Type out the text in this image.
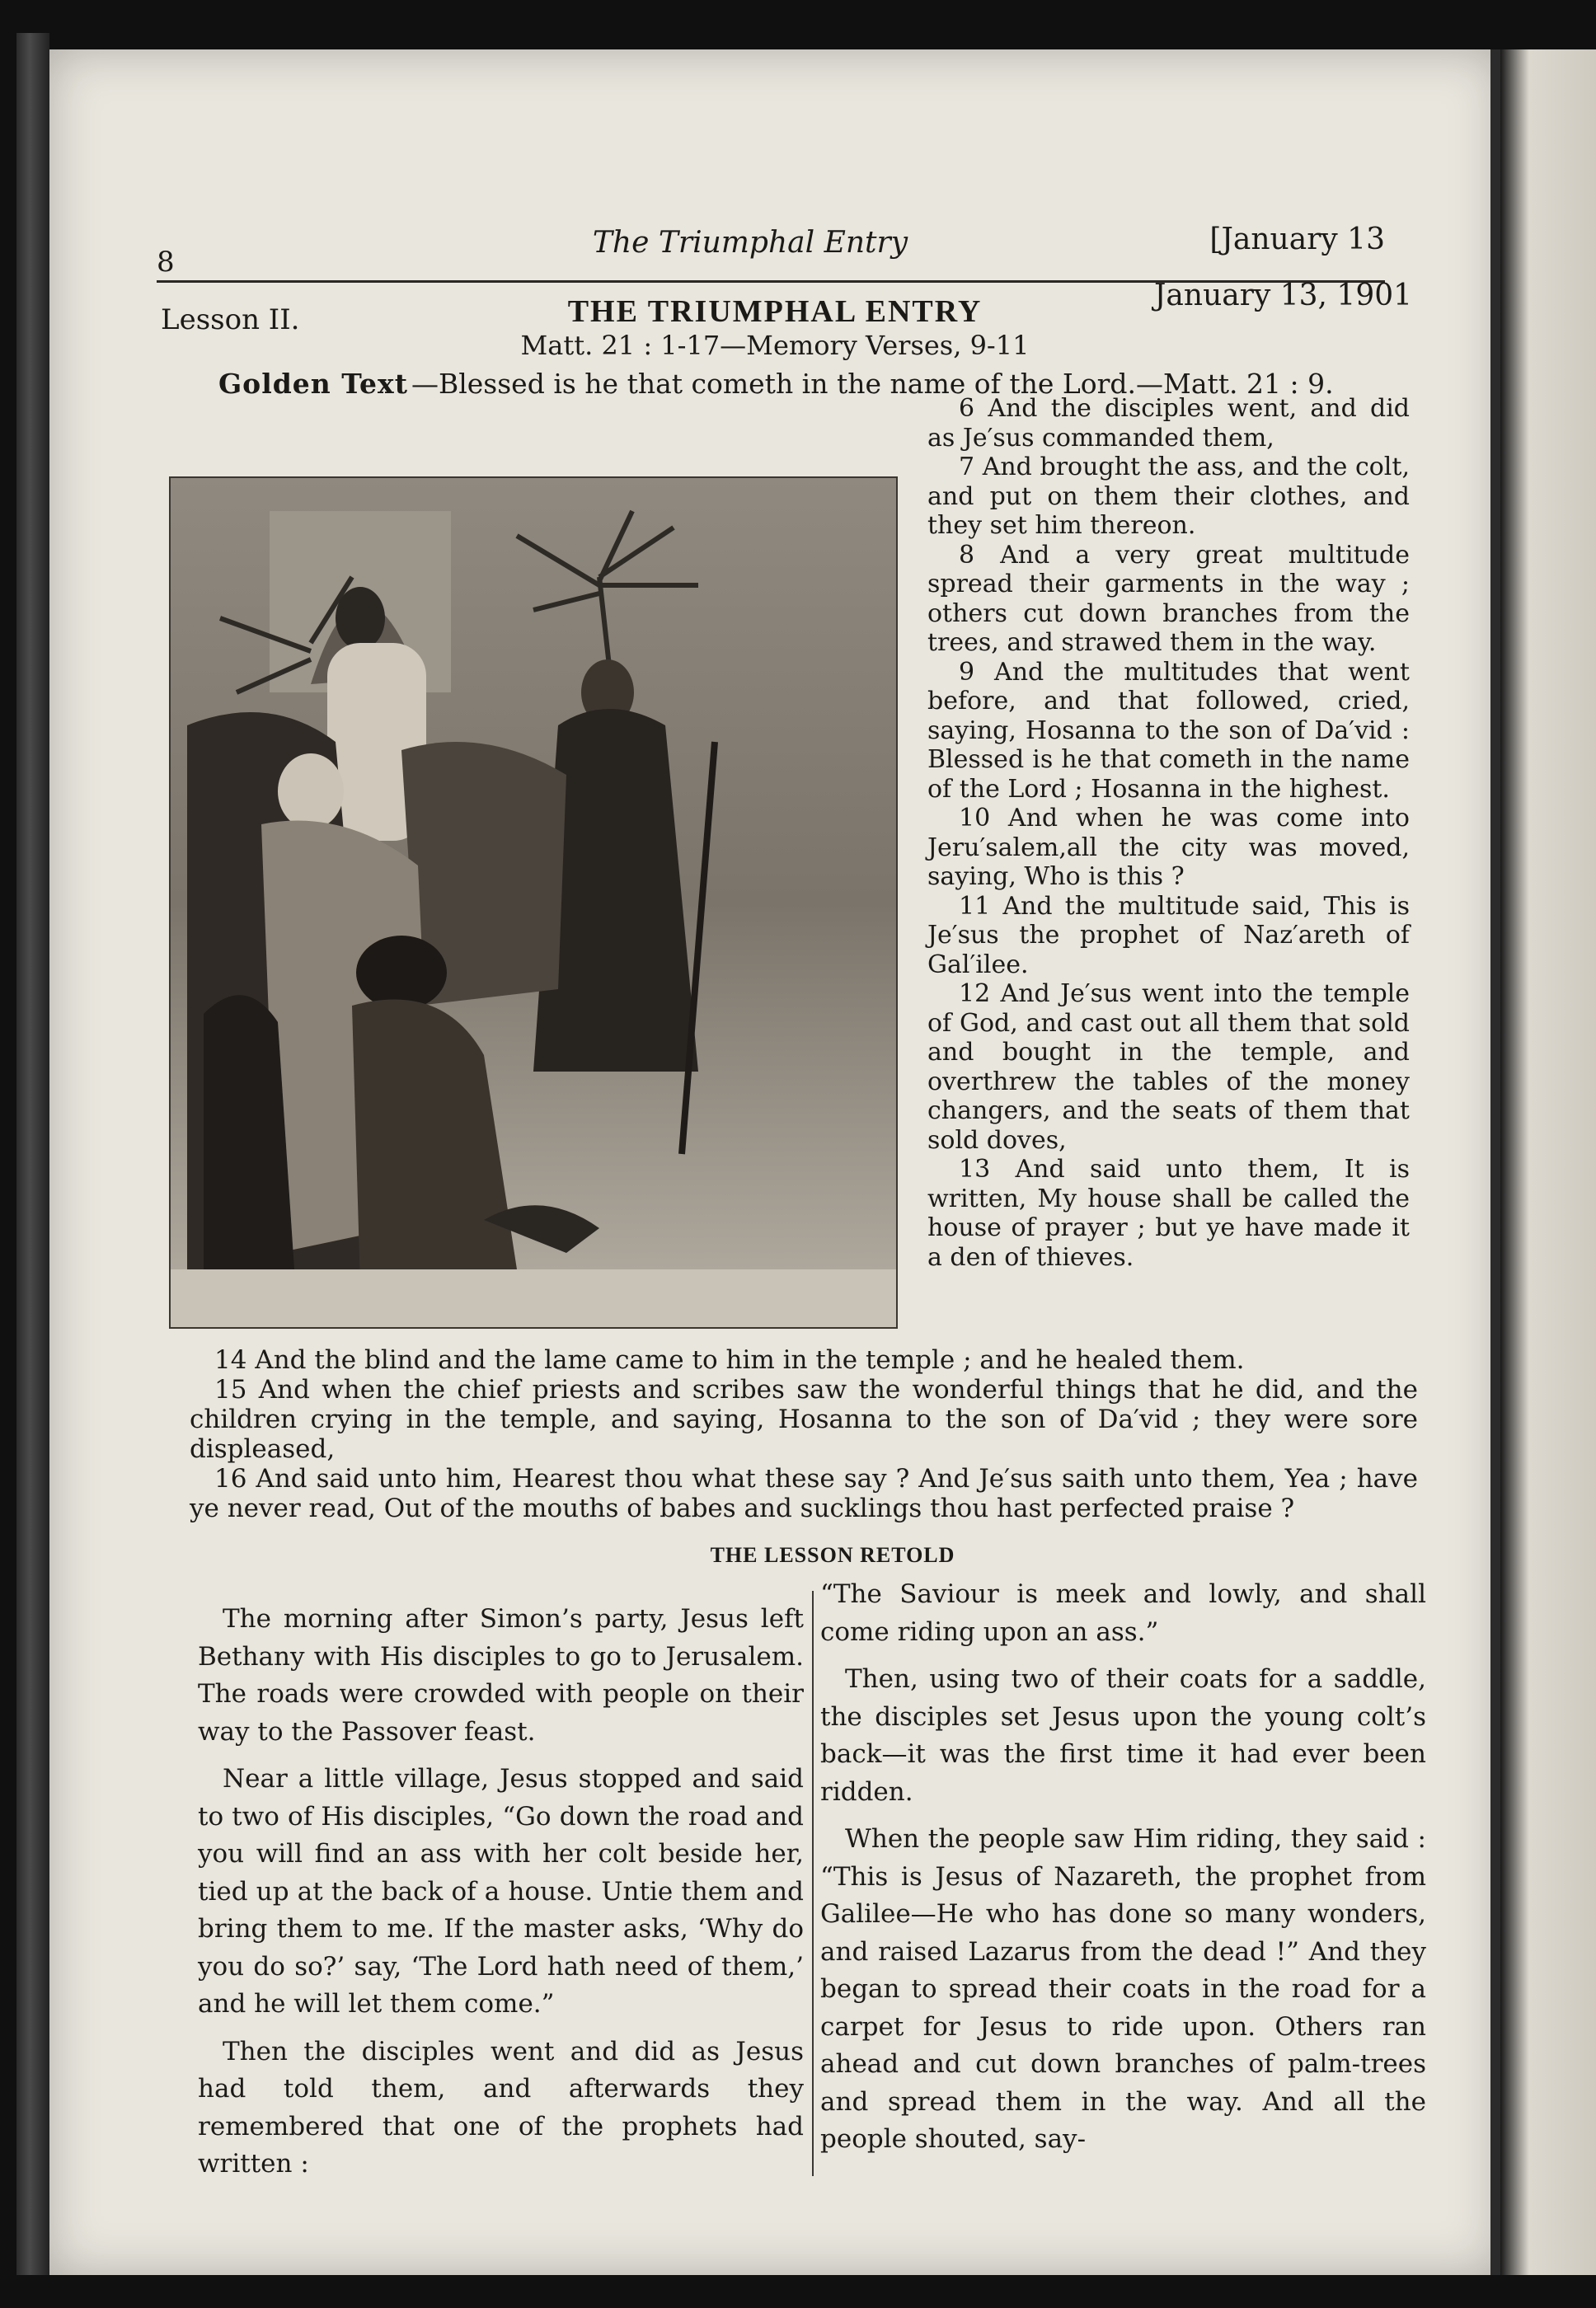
8
The Triumphal Entry	[January 13
Lesson II.	THE TRIUMPHAL ENTRY	January 13, 1901
Matt. 21 : 1-17—Memory Verses, 9-11
Golden Text —Blessed is he that cometh in the name of the Lord.—Matt. 21 : 9.

6 And the disciples went, and did as Je′sus commanded them,

7 And brought the ass, and the colt, and put on them their clothes, and they set him thereon.

8 And a very great multitude spread their garments in the way ; others cut down branches from the trees, and strawed them in the way.

9 And the multitudes that went before, and that followed, cried, saying, Hosanna to the son of Da′vid : Blessed is he that cometh in the name of the Lord ; Hosanna in the highest.

10 And when he was come into Jeru′salem,all the city was moved, saying, Who is this ?

11 And the multitude said, This is Je′sus the prophet of Naz′areth of Gal′ilee.

12 And Je′sus went into the temple of God, and cast out all them that sold and bought in the temple, and overthrew the tables of the money changers, and the seats of them that sold doves,

13 And said unto them, It is written, My house shall be called the house of prayer ; but ye have made it a den of thieves.

14 And the blind and the lame came to him in the temple ; and he healed them.

15 And when the chief priests and scribes saw the wonderful things that he did, and the children crying in the temple, and saying, Hosanna to the son of Da′vid ; they were sore displeased,

16 And said unto him, Hearest thou what these say ? And Je′sus saith unto them, Yea ; have ye never read, Out of the mouths of babes and sucklings thou hast perfected praise ?

THE LESSON RETOLD

The morning after Simon’s party, Jesus left Bethany with His disciples to go to Jerusalem. The roads were crowded with people on their way to the Passover feast.

Near a little village, Jesus stopped and said to two of His disciples, “Go down the road and you will find an ass with her colt beside her, tied up at the back of a house. Untie them and bring them to me. If the master asks, ‘Why do you do so?’ say, ‘The Lord hath need of them,’ and he will let them come.”

Then the disciples went and did as Jesus had told them, and afterwards they remembered that one of the prophets had written :

“The Saviour is meek and lowly, and shall come riding upon an ass.”

Then, using two of their coats for a saddle, the disciples set Jesus upon the young colt’s back—it was the first time it had ever been ridden.

When the people saw Him riding, they said : “This is Jesus of Nazareth, the prophet from Galilee—He who has done so many wonders, and raised Lazarus from the dead !” And they began to spread their coats in the road for a carpet for Jesus to ride upon. Others ran ahead and cut down branches of palm-trees and spread them in the way. And all the people shouted, say-
